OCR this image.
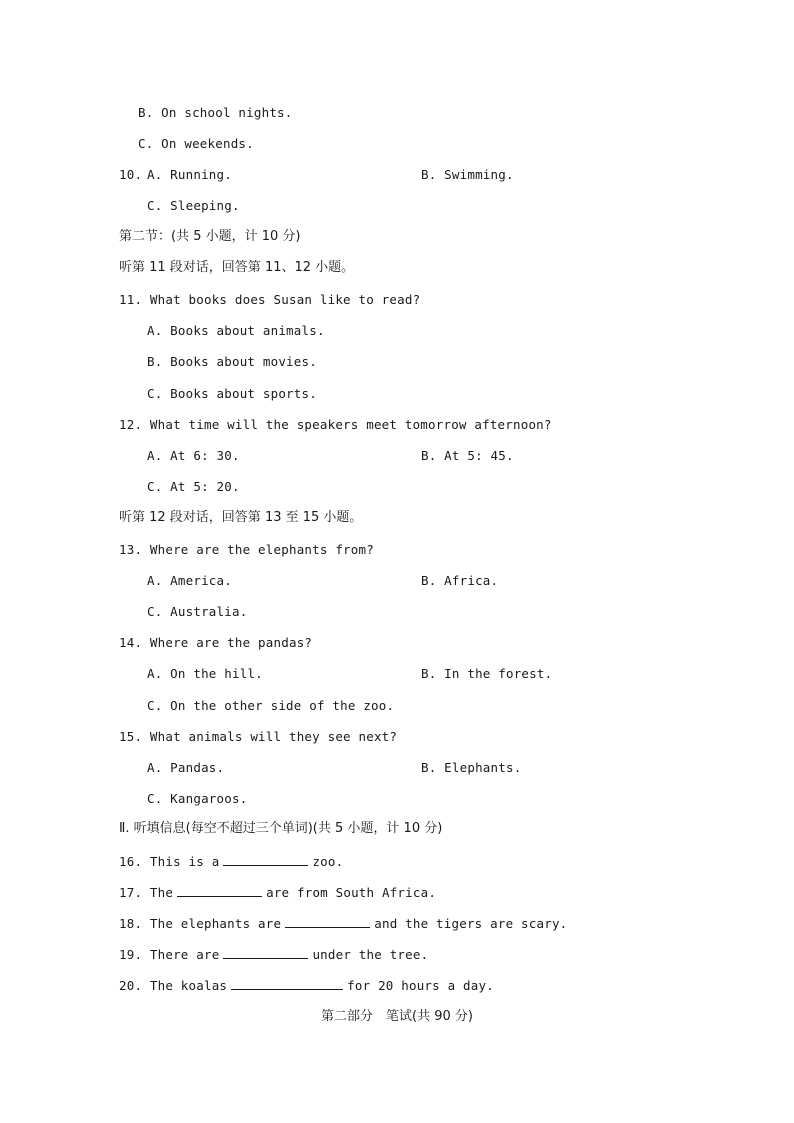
B. On school nights.
C. On weekends.
10. A. Running.	B. Swimming.
C. Sleeping.
第二节：(共 5 小题，计 10 分)
听第 11 段对话，回答第 11、12 小题。
11. What books does Susan like to read?
A. Books about animals.
B. Books about movies.
C. Books about sports.
12. What time will the speakers meet tomorrow afternoon?
A. At 6: 30.	B. At 5: 45.
C. At 5: 20.
听第 12 段对话，回答第 13 至 15 小题。
13. Where are the elephants from?
A. America.	B. Africa.
C. Australia.
14. Where are the pandas?
A. On the hill.	B. In the forest.
C. On the other side of the zoo.
15. What animals will they see next?
A. Pandas.	B. Elephants.
C. Kangaroos.
Ⅱ. 听填信息(每空不超过三个单词)(共 5 小题，计 10 分)
16. This is a	zoo.
17. The	are from South Africa.
18. The elephants are	and the tigers are scary.
19. There are	under the tree.
20. The koalas	for 20 hours a day.
第二部分　笔试(共 90 分)
